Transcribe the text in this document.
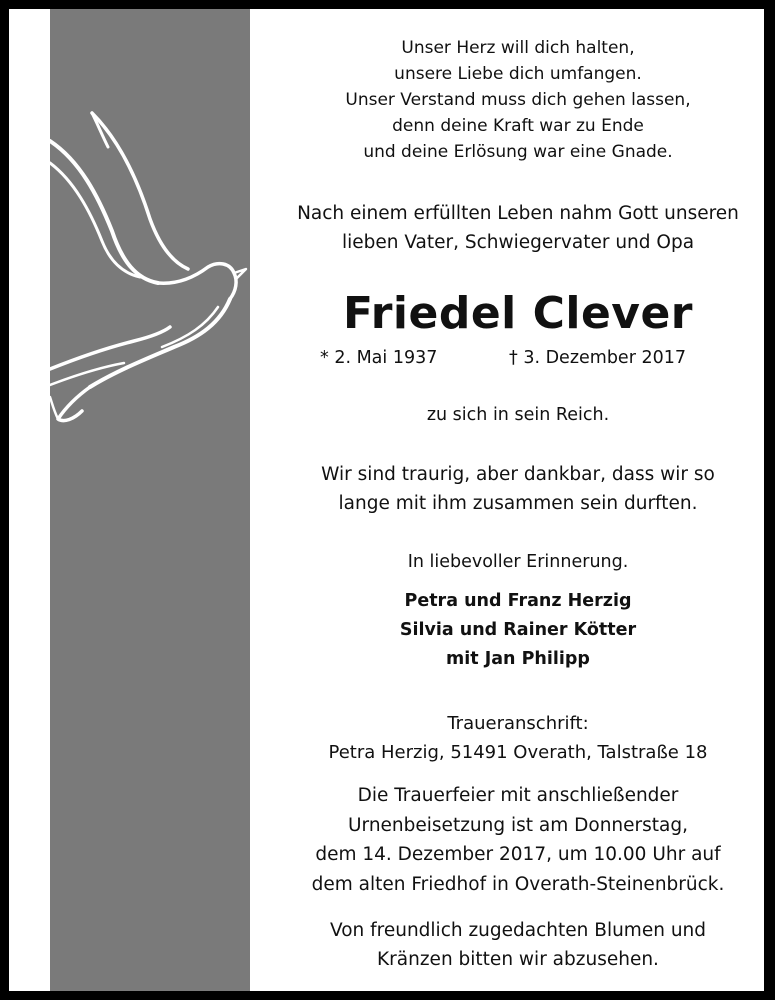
Unser Herz will dich halten,
unsere Liebe dich umfangen.
Unser Verstand muss dich gehen lassen,
denn deine Kraft war zu Ende
und deine Erlösung war eine Gnade.
Nach einem erfüllten Leben nahm Gott unseren
lieben Vater, Schwiegervater und Opa
Friedel Clever
* 2. Mai 1937	† 3. Dezember 2017
zu sich in sein Reich.
Wir sind traurig, aber dankbar, dass wir so
lange mit ihm zusammen sein durften.
In liebevoller Erinnerung.
Petra und Franz Herzig
Silvia und Rainer Kötter
mit Jan Philipp
Traueranschrift:
Petra Herzig, 51491 Overath, Talstraße 18
Die Trauerfeier mit anschließender
Urnenbeisetzung ist am Donnerstag,
dem 14. Dezember 2017, um 10.00 Uhr auf
dem alten Friedhof in Overath-Steinenbrück.
Von freundlich zugedachten Blumen und
Kränzen bitten wir abzusehen.
